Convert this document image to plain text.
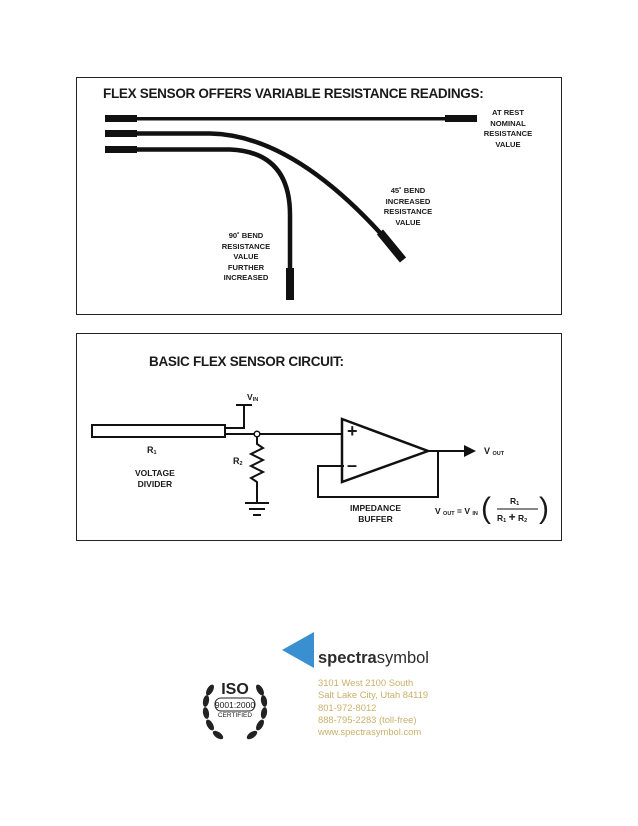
FLEX SENSOR OFFERS VARIABLE RESISTANCE READINGS:
AT REST
NOMINAL
RESISTANCE
VALUE
45˚ BEND
INCREASED
RESISTANCE
VALUE
90˚ BEND
RESISTANCE
VALUE
FURTHER
INCREASED
BASIC FLEX SENSOR CIRCUIT:
VIN
R1
R2
VOLTAGE
DIVIDER
+
–
V OUT
IMPEDANCE
BUFFER
V OUT = V IN ( )
R1
R1 + R2
spectrasymbol
3101 West 2100 South
Salt Lake City, Utah 84119
801-972-8012
888-795-2283 (toll-free)
www.spectrasymbol.com
ISO
9001:2000
CERTIFIED
